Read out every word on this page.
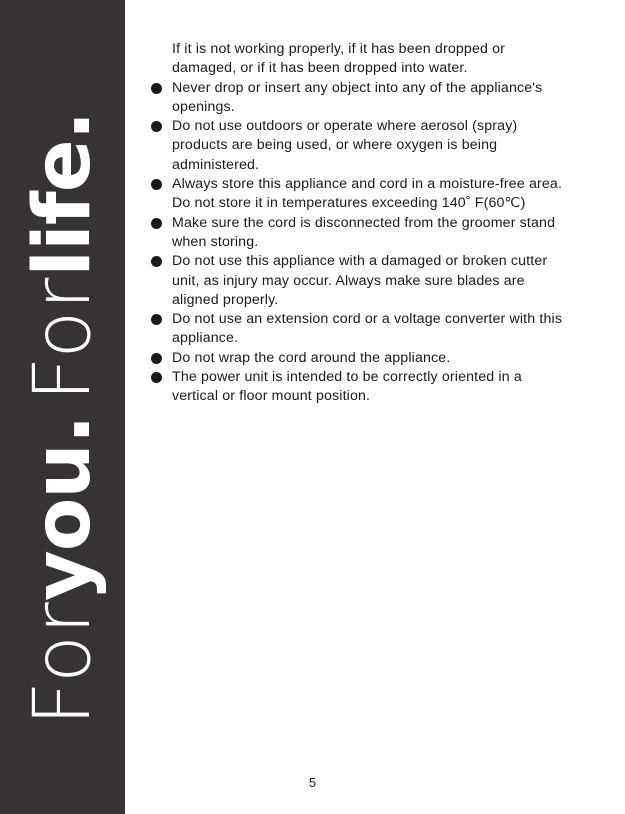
For
you.
For
life.
If it is not working properly, if it has been dropped or
damaged, or if it has been dropped into water.
Never drop or insert any object into any of the appliance's
openings.
Do not use outdoors or operate where aerosol (spray)
products are being used, or where oxygen is being
administered.
Always store this appliance and cord in a moisture-free area.
Do not store it in temperatures exceeding 140˚ F(60℃)
Make sure the cord is disconnected from the groomer stand
when storing.
Do not use this appliance with a damaged or broken cutter
unit, as injury may occur. Always make sure blades are
aligned properly.
Do not use an extension cord or a voltage converter with this
appliance.
Do not wrap the cord around the appliance.
The power unit is intended to be correctly oriented in a
vertical or floor mount position.
5
